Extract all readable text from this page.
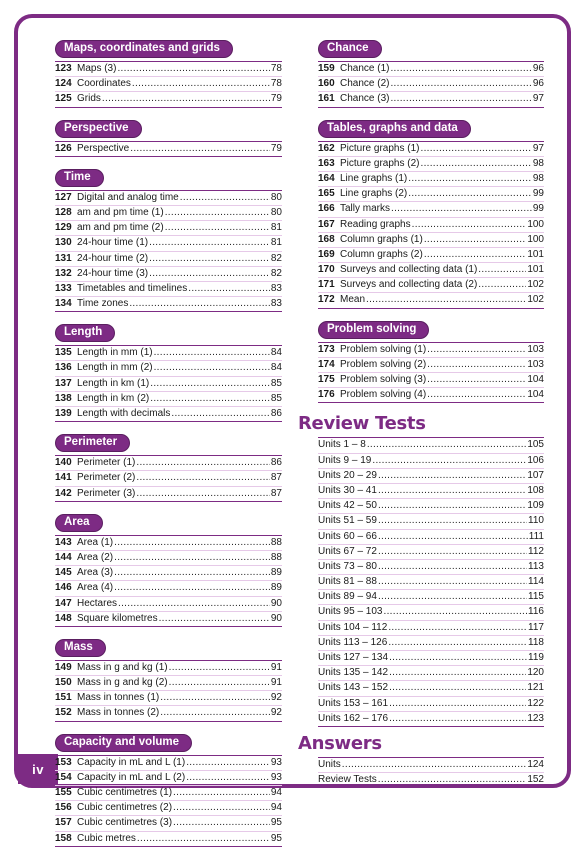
iv
Maps, coordinates and grids
123 Maps (3) .....	78
124 Coordinates .....	78
125 Grids .....	79
Perspective
126 Perspective .....	79
Time
127 Digital and analog time .....	80
128 am and pm time (1) .....	80
129 am and pm time (2) .....	81
130 24-hour time (1) .....	81
131 24-hour time (2) .....	82
132 24-hour time (3) .....	82
133 Timetables and timelines .....	83
134 Time zones .....	83
Length
135 Length in mm (1) .....	84
136 Length in mm (2) .....	84
137 Length in km (1) .....	85
138 Length in km (2) .....	85
139 Length with decimals .....	86
Perimeter
140 Perimeter (1) .....	86
141 Perimeter (2) .....	87
142 Perimeter (3) .....	87
Area
143 Area (1) .....	88
144 Area (2) .....	88
145 Area (3) .....	89
146 Area (4) .....	89
147 Hectares .....	90
148 Square kilometres .....	90
Mass
149 Mass in g and kg (1) .....	91
150 Mass in g and kg (2) .....	91
151 Mass in tonnes (1) .....	92
152 Mass in tonnes (2) .....	92
Capacity and volume
153 Capacity in mL and L (1) .....	93
154 Capacity in mL and L (2) .....	93
155 Cubic centimetres (1) .....	94
156 Cubic centimetres (2) .....	94
157 Cubic centimetres (3) .....	95
158 Cubic metres .....	95
Chance
159 Chance (1) .....	96
160 Chance (2) .....	96
161 Chance (3) .....	97
Tables, graphs and data
162 Picture graphs (1) .....	97
163 Picture graphs (2) .....	98
164 Line graphs (1) .....	98
165 Line graphs (2) .....	99
166 Tally marks .....	99
167 Reading graphs .....	100
168 Column graphs (1) .....	100
169 Column graphs (2) .....	101
170 Surveys and collecting data (1) .....	101
171 Surveys and collecting data (2) .....	102
172 Mean .....	102
Problem solving
173 Problem solving (1) .....	103
174 Problem solving (2) .....	103
175 Problem solving (3) .....	104
176 Problem solving (4) .....	104
Review Tests
Units 1 – 8 .....	105
Units 9 – 19 .....	106
Units 20 – 29 .....	107
Units 30 – 41 .....	108
Units 42 – 50 .....	109
Units 51 – 59 .....	110
Units 60 – 66 .....	111
Units 67 – 72 .....	112
Units 73 – 80 .....	113
Units 81 – 88 .....	114
Units 89 – 94 .....	115
Units 95 – 103 .....	116
Units 104 – 112 .....	117
Units 113 – 126 .....	118
Units 127 – 134 .....	119
Units 135 – 142 .....	120
Units 143 – 152 .....	121
Units 153 – 161 .....	122
Units 162 – 176 .....	123
Answers
Units .....	124
Review Tests .....	152
